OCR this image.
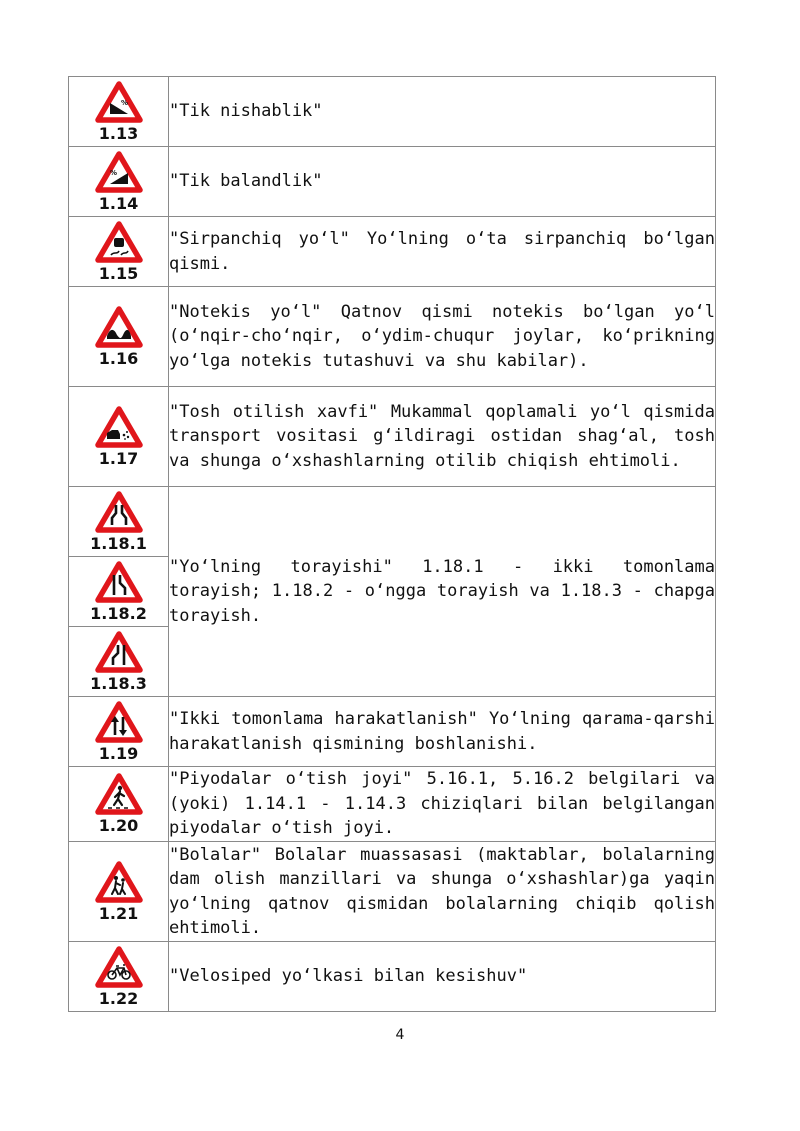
%
1.13	"Tik nishablik"

%
1.14	"Tik balandlik"

1.15	"Sirpanchiq yo‘l" Yo‘lning o‘ta sirpanchiq bo‘lgan qismi.

1.16	"Notekis yo‘l" Qatnov qismi notekis bo‘lgan yo‘l (o‘nqir-cho‘nqir, o‘ydim-chuqur joylar, ko‘prikning yo‘lga notekis tutashuvi va shu kabilar).

1.17	"Tosh otilish xavfi" Mukammal qoplamali yo‘l qismida transport vositasi g‘ildiragi ostidan shag‘al, tosh va shunga o‘xshashlarning otilib chiqish ehtimoli.

1.18.1	"Yo‘lning torayishi" 1.18.1 - ikki tomonlama torayish; 1.18.2 - o‘ngga torayish va 1.18.3 - chapga torayish.

1.18.2	

1.18.3	

1.19	"Ikki tomonlama harakatlanish" Yo‘lning qarama-qarshi harakatlanish qismining boshlanishi.

1.20	"Piyodalar o‘tish joyi" 5.16.1, 5.16.2 belgilari va (yoki) 1.14.1 - 1.14.3 chiziqlari bilan belgilangan piyodalar o‘tish joyi.

1.21	"Bolalar" Bolalar muassasasi (maktablar, bolalarning dam olish manzillari va shunga o‘xshashlar)ga yaqin yo‘lning qatnov qismidan bolalarning chiqib qolish ehtimoli.

1.22	"Velosiped yo‘lkasi bilan kesishuv"
4
